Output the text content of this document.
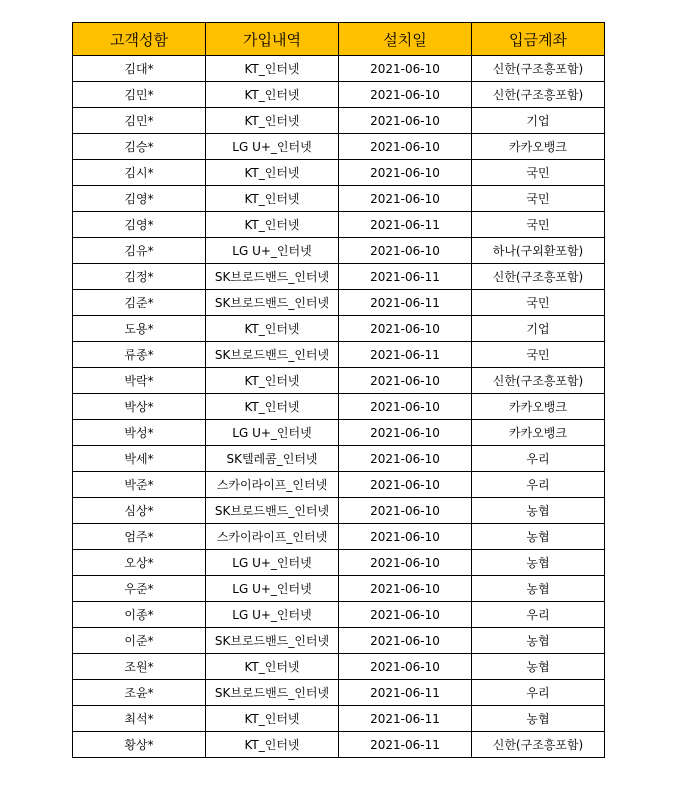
고객성함	가입내역	설치일	입금계좌
김대*	KT_인터넷	2021-06-10	신한(구조흥포함)
김민*	KT_인터넷	2021-06-10	신한(구조흥포함)
김민*	KT_인터넷	2021-06-10	기업
김승*	LG U+_인터넷	2021-06-10	카카오뱅크
김시*	KT_인터넷	2021-06-10	국민
김영*	KT_인터넷	2021-06-10	국민
김영*	KT_인터넷	2021-06-11	국민
김유*	LG U+_인터넷	2021-06-10	하나(구외환포함)
김정*	SK브로드밴드_인터넷	2021-06-11	신한(구조흥포함)
김준*	SK브로드밴드_인터넷	2021-06-11	국민
도용*	KT_인터넷	2021-06-10	기업
류종*	SK브로드밴드_인터넷	2021-06-11	국민
박락*	KT_인터넷	2021-06-10	신한(구조흥포함)
박상*	KT_인터넷	2021-06-10	카카오뱅크
박성*	LG U+_인터넷	2021-06-10	카카오뱅크
박세*	SK텔레콤_인터넷	2021-06-10	우리
박준*	스카이라이프_인터넷	2021-06-10	우리
심상*	SK브로드밴드_인터넷	2021-06-10	농협
엄주*	스카이라이프_인터넷	2021-06-10	농협
오상*	LG U+_인터넷	2021-06-10	농협
우준*	LG U+_인터넷	2021-06-10	농협
이종*	LG U+_인터넷	2021-06-10	우리
이준*	SK브로드밴드_인터넷	2021-06-10	농협
조원*	KT_인터넷	2021-06-10	농협
조윤*	SK브로드밴드_인터넷	2021-06-11	우리
최석*	KT_인터넷	2021-06-11	농협
황상*	KT_인터넷	2021-06-11	신한(구조흥포함)
